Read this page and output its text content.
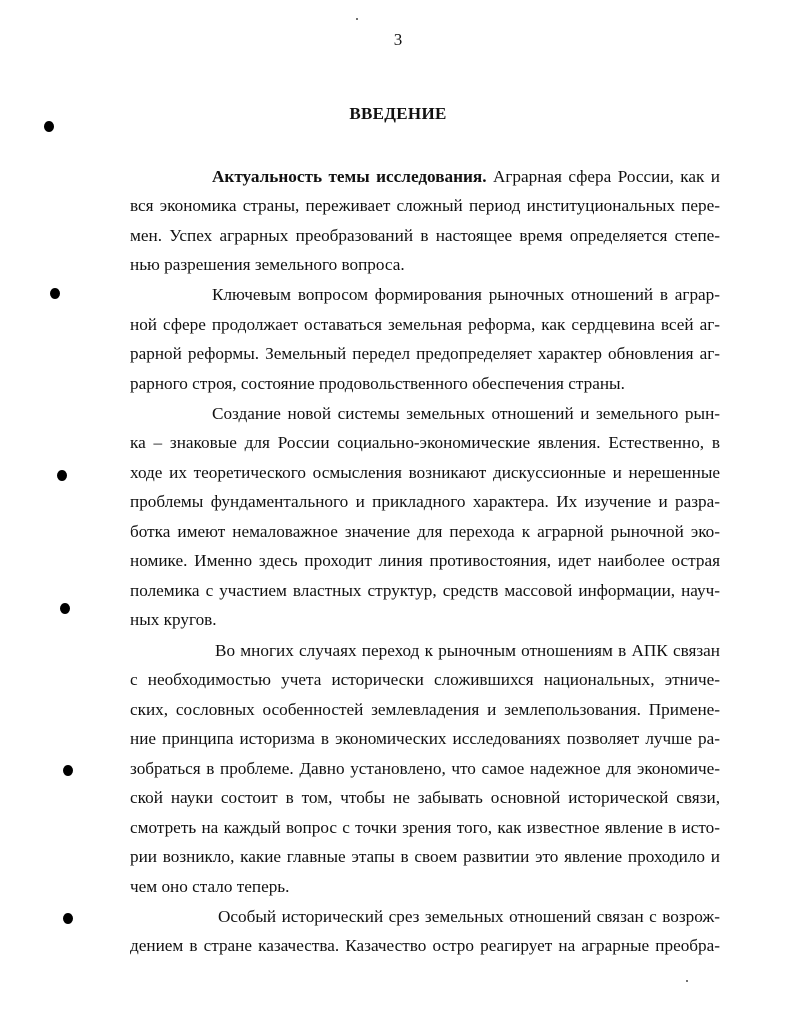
3
ВВЕДЕНИЕ
Актуальность темы исследования. Аграрная сфера России, как и
вся экономика страны, переживает сложный период институциональных пере-
мен. Успех аграрных преобразований в настоящее время определяется степе-
нью разрешения земельного вопроса.
Ключевым вопросом формирования рыночных отношений в аграр-
ной сфере продолжает оставаться земельная реформа, как сердцевина всей аг-
рарной реформы. Земельный передел предопределяет характер обновления аг-
рарного строя, состояние продовольственного обеспечения страны.
Создание новой системы земельных отношений и земельного рын-
ка – знаковые для России социально-экономические явления. Естественно, в
ходе их теоретического осмысления возникают дискуссионные и нерешенные
проблемы фундаментального и прикладного характера. Их изучение и разра-
ботка имеют немаловажное значение для перехода к аграрной рыночной эко-
номике. Именно здесь проходит линия противостояния, идет наиболее острая
полемика с участием властных структур, средств массовой информации, науч-
ных кругов.
Во многих случаях переход к рыночным отношениям в АПК связан
с необходимостью учета исторически сложившихся национальных, этниче-
ских, сословных особенностей землевладения и землепользования. Примене-
ние принципа историзма в экономических исследованиях позволяет лучше ра-
зобраться в проблеме. Давно установлено, что самое надежное для экономиче-
ской науки состоит в том, чтобы не забывать основной исторической связи,
смотреть на каждый вопрос с точки зрения того, как известное явление в исто-
рии возникло, какие главные этапы в своем развитии это явление проходило и
чем оно стало теперь.
Особый исторический срез земельных отношений связан с возрож-
дением в стране казачества. Казачество остро реагирует на аграрные преобра-
